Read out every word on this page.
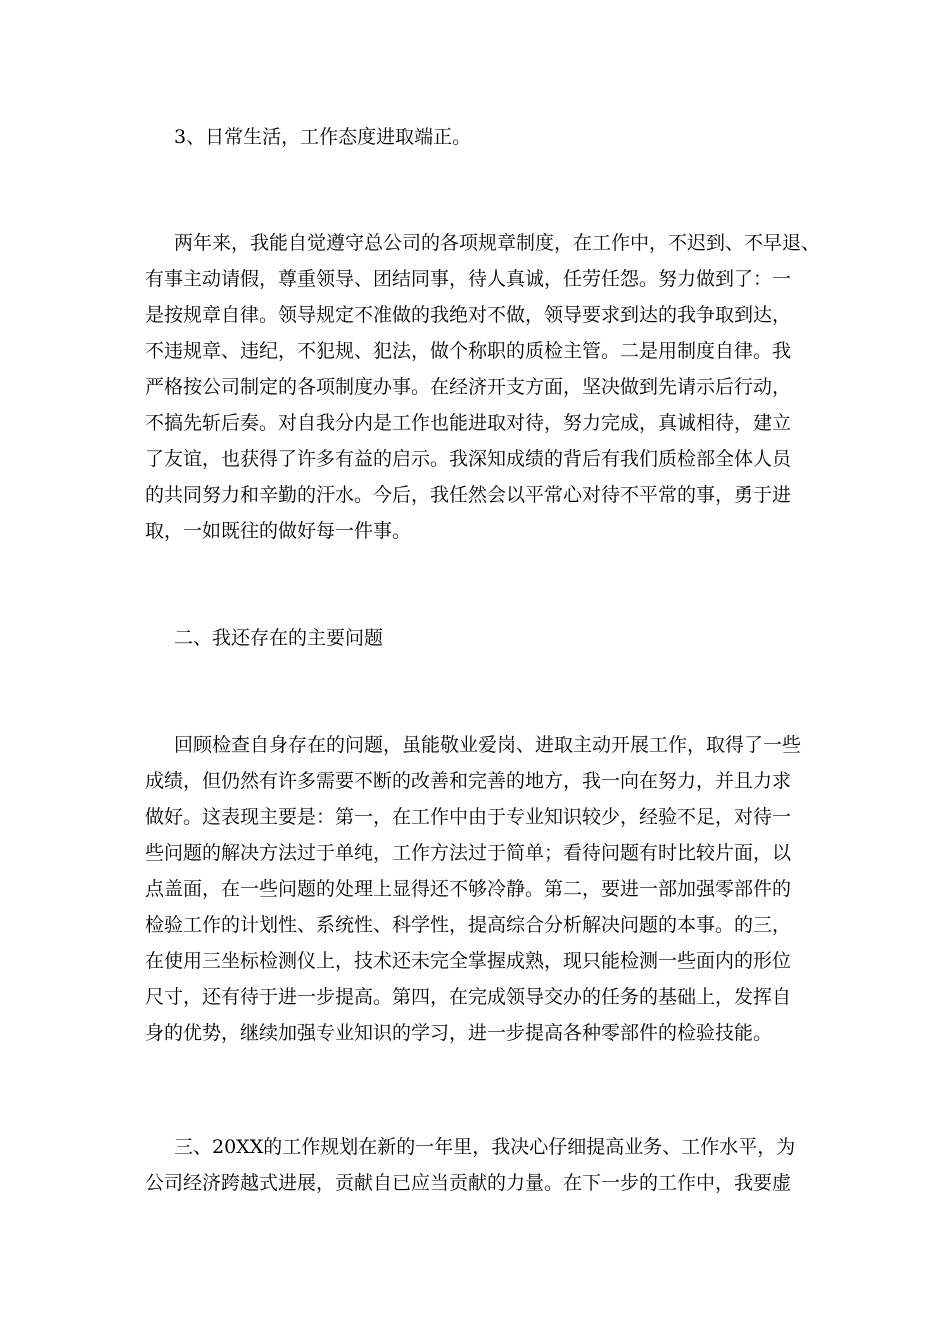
3、日常生活，工作态度进取端正。
两年来，我能自觉遵守总公司的各项规章制度，在工作中，不迟到、不早退、
有事主动请假，尊重领导、团结同事，待人真诚，任劳任怨。努力做到了：一
是按规章自律。领导规定不准做的我绝对不做，领导要求到达的我争取到达，
不违规章、违纪，不犯规、犯法，做个称职的质检主管。二是用制度自律。我
严格按公司制定的各项制度办事。在经济开支方面，坚决做到先请示后行动，
不搞先斩后奏。对自我分内是工作也能进取对待，努力完成，真诚相待，建立
了友谊，也获得了许多有益的启示。我深知成绩的背后有我们质检部全体人员
的共同努力和辛勤的汗水。今后，我任然会以平常心对待不平常的事，勇于进
取，一如既往的做好每一件事。
二、我还存在的主要问题
回顾检查自身存在的问题，虽能敬业爱岗、进取主动开展工作，取得了一些
成绩，但仍然有许多需要不断的改善和完善的地方，我一向在努力，并且力求
做好。这表现主要是：第一，在工作中由于专业知识较少，经验不足，对待一
些问题的解决方法过于单纯，工作方法过于简单；看待问题有时比较片面，以
点盖面，在一些问题的处理上显得还不够冷静。第二，要进一部加强零部件的
检验工作的计划性、系统性、科学性，提高综合分析解决问题的本事。的三，
在使用三坐标检测仪上，技术还未完全掌握成熟，现只能检测一些面内的形位
尺寸，还有待于进一步提高。第四，在完成领导交办的任务的基础上，发挥自
身的优势，继续加强专业知识的学习，进一步提高各种零部件的检验技能。
三、20XX的工作规划在新的一年里，我决心仔细提高业务、工作水平，为
公司经济跨越式进展，贡献自已应当贡献的力量。在下一步的工作中，我要虚
